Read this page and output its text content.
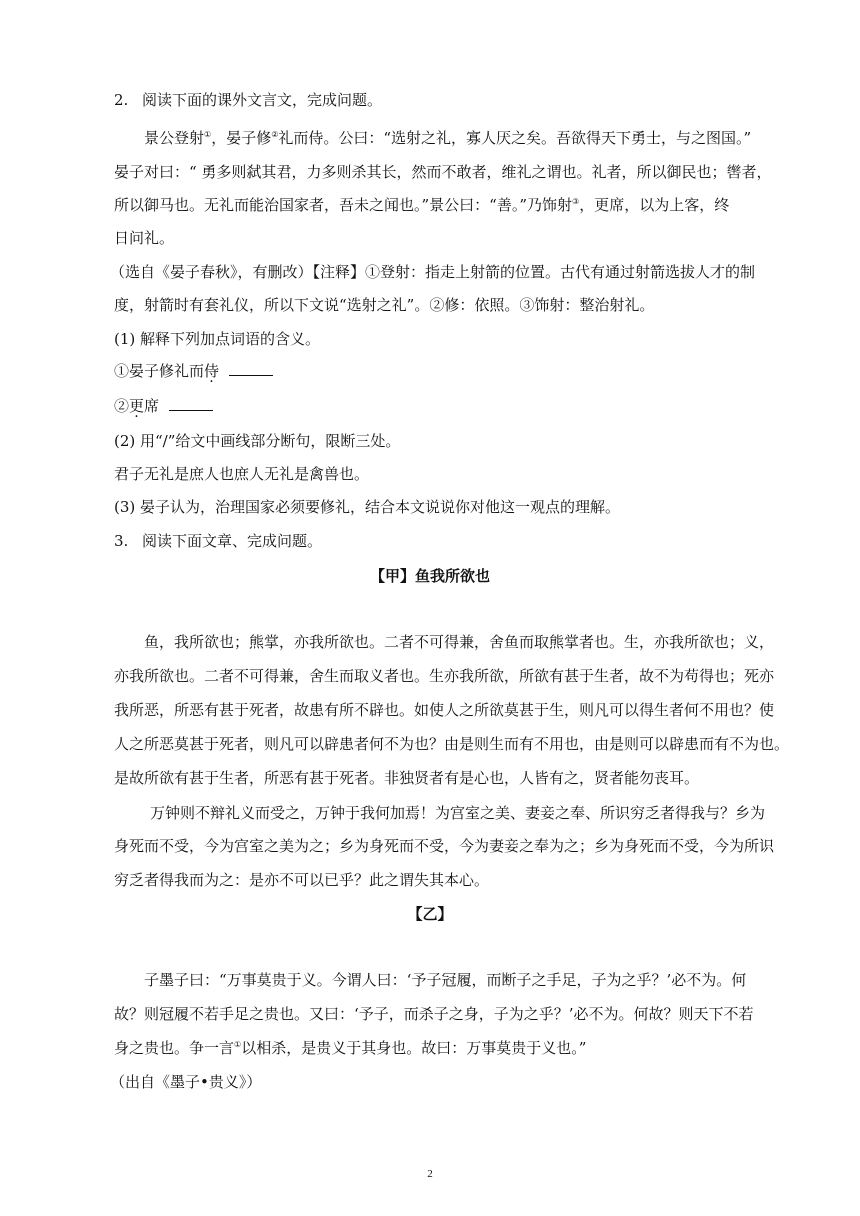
2. 阅读下面的课外文言文，完成问题。
景公登射①，晏子修②礼而侍。公曰：“选射之礼，寡人厌之矣。吾欲得天下勇士，与之图国。”
晏子对曰：“ 勇多则弑其君，力多则杀其长，然而不敢者，维礼之谓也。礼者，所以御民也；辔者，
所以御马也。无礼而能治国家者，吾未之闻也。”景公曰：“善。”乃饰射③，更席，以为上客，终
日问礼。
（选自《晏子春秋》，有删改）【注释】①登射：指走上射箭的位置。古代有通过射箭选拔人才的制
度，射箭时有套礼仪，所以下文说“选射之礼”。②修：依照。③饰射：整治射礼。
(1) 解释下列加点词语的含义。
①晏子修礼而侍
②更席
(2) 用“/”给文中画线部分断句，限断三处。
君子无礼是庶人也庶人无礼是禽兽也。
(3) 晏子认为，治理国家必须要修礼，结合本文说说你对他这一观点的理解。
3. 阅读下面文章、完成问题。
【甲】鱼我所欲也
鱼，我所欲也；熊掌，亦我所欲也。二者不可得兼，舍鱼而取熊掌者也。生，亦我所欲也；义，
亦我所欲也。二者不可得兼，舍生而取义者也。生亦我所欲，所欲有甚于生者，故不为苟得也；死亦
我所恶，所恶有甚于死者，故患有所不辟也。如使人之所欲莫甚于生，则凡可以得生者何不用也？使
人之所恶莫甚于死者，则凡可以辟患者何不为也？由是则生而有不用也，由是则可以辟患而有不为也。
是故所欲有甚于生者，所恶有甚于死者。非独贤者有是心也，人皆有之，贤者能勿丧耳。
万钟则不辩礼义而受之，万钟于我何加焉！为宫室之美、妻妾之奉、所识穷乏者得我与？乡为
身死而不受，今为宫室之美为之；乡为身死而不受，今为妻妾之奉为之；乡为身死而不受，今为所识
穷乏者得我而为之：是亦不可以已乎？此之谓失其本心。
【乙】
子墨子曰：“万事莫贵于义。今谓人曰：‘予子冠履，而断子之手足，子为之乎？’必不为。何
故？则冠履不若手足之贵也。又曰：‘予子，而杀子之身，子为之乎？’必不为。何故？则天下不若
身之贵也。争一言①以相杀，是贵义于其身也。故曰：万事莫贵于义也。”
（出自《墨子•贵义》）
2
